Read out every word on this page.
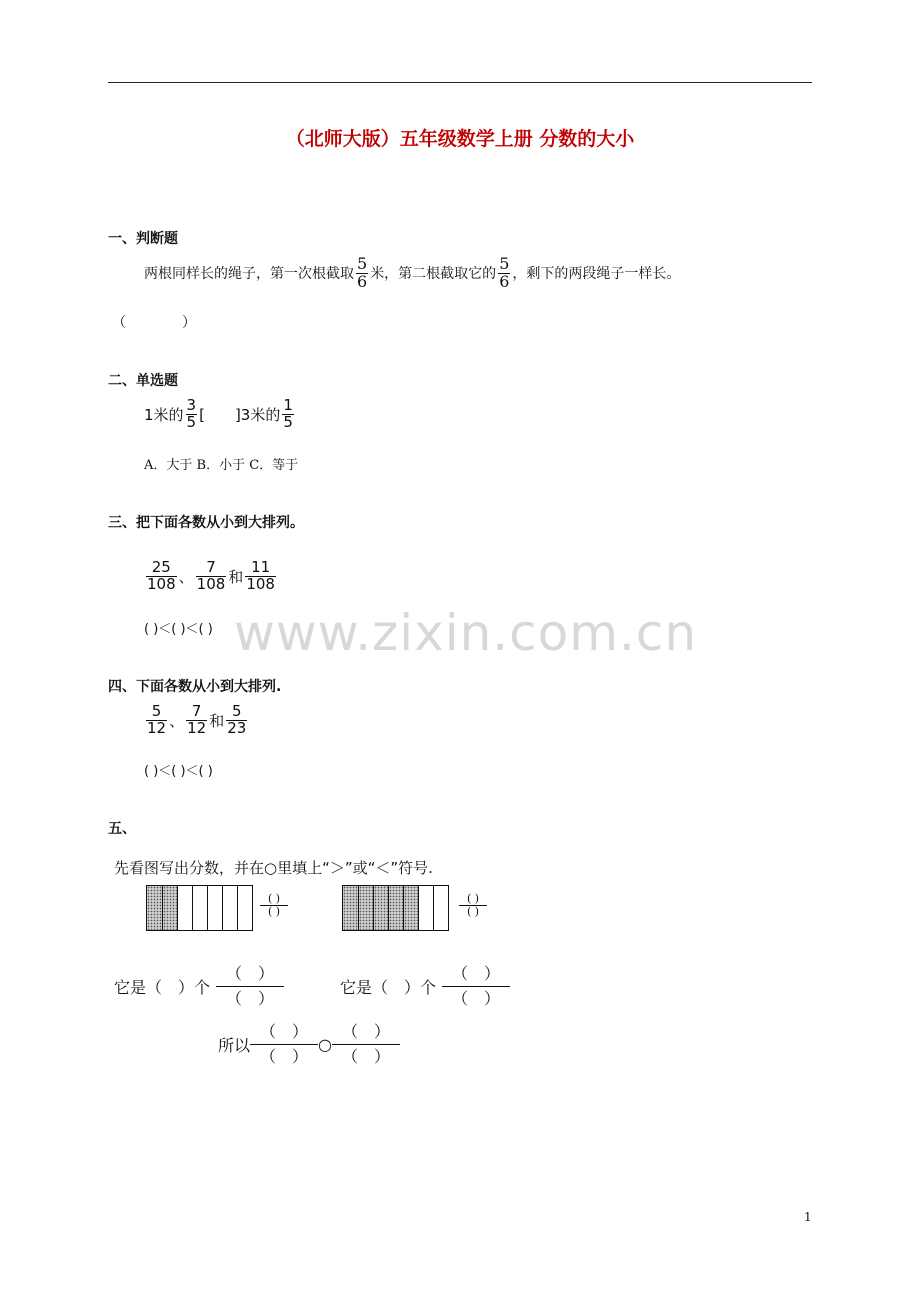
（北师大版）五年级数学上册 分数的大小
一、判断题
两根同样长的绳子，第一次根截取 $\frac{5}{6}$ 米，第二根截取它的 $\frac{5}{6}$ ，剩下的两段绳子一样长。
（　　　　）
二、单选题
1米的 $\frac{3}{5}$ [　　]3米的 $\frac{1}{5}$
A．大于 B．小于 C．等于
三、把下面各数从小到大排列。
$\frac{25}{108}$ 、 $\frac{7}{108}$ 和 $\frac{11}{108}$
( )＜( )＜( ) www.zixin.com.cn
四、下面各数从小到大排列.
$\frac{5}{12}$ 、 $\frac{7}{12}$ 和 $\frac{5}{23}$
( )＜( )＜( )
五、
先看图写出分数，并在○里填上“＞”或“＜”符号.
( )
( )
( )
( )
它是（　）个
（　）
（　）
它是（　）个
（　）
（　）
所以
（　）
（　）
○
（　）
（　）
1
